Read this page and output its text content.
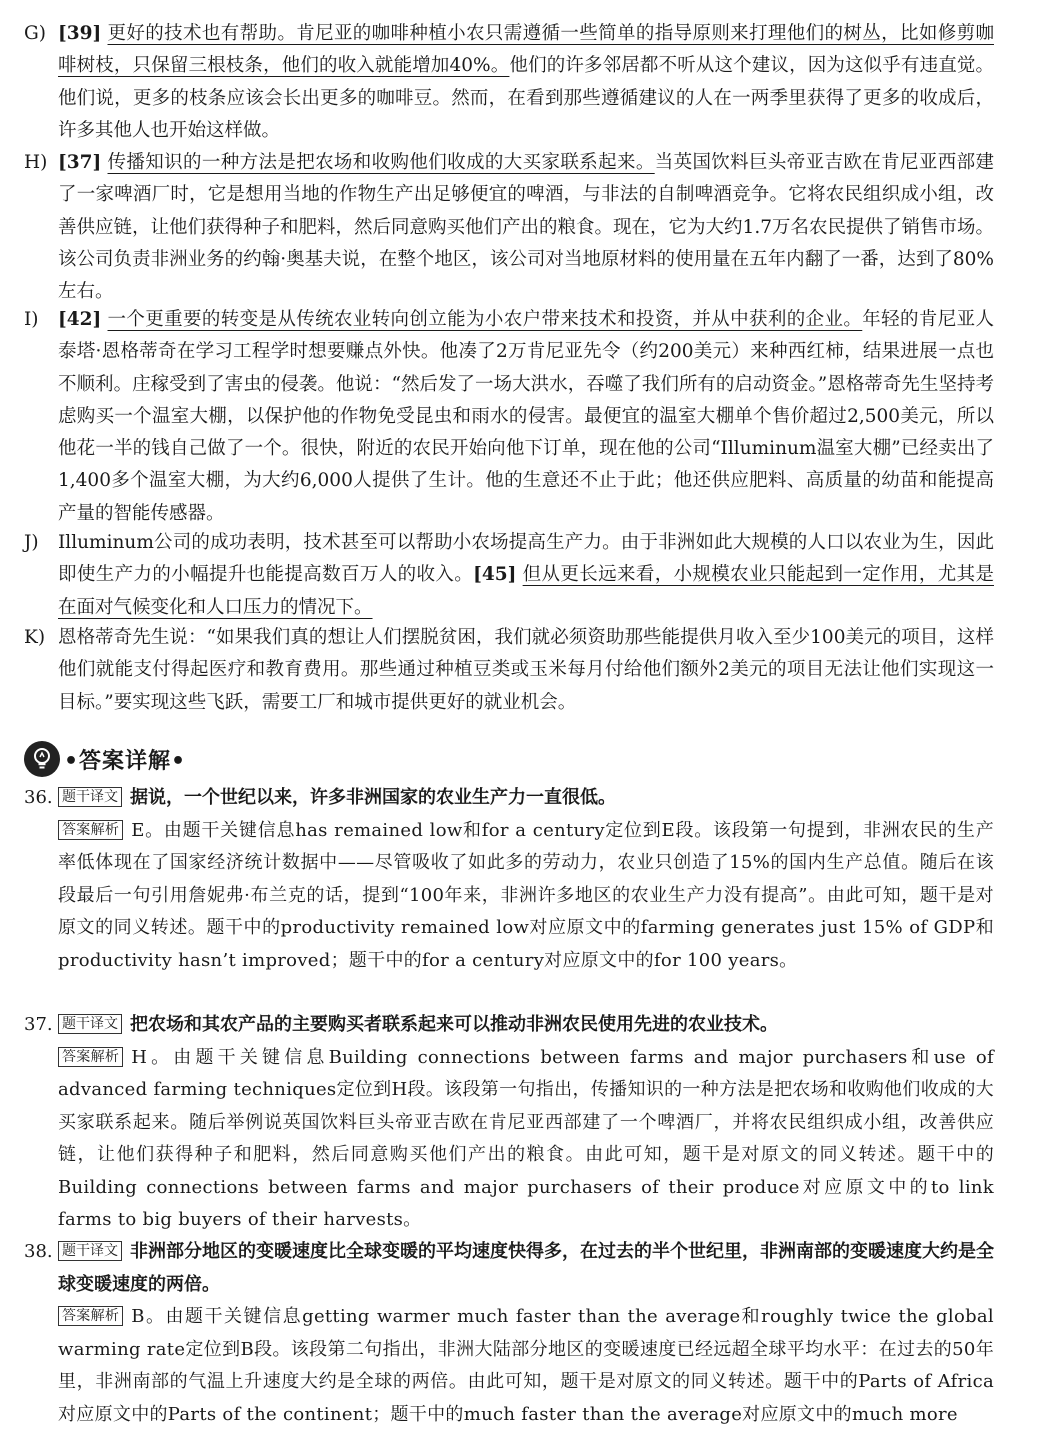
G) [39] 更好的技术也有帮助。肯尼亚的咖啡种植小农只需遵循一些简单的指导原则来打理他们的树丛，比如修剪咖啡树枝，只保留三根枝条，他们的收入就能增加40%。他们的许多邻居都不听从这个建议，因为这似乎有违直觉。他们说，更多的枝条应该会长出更多的咖啡豆。然而，在看到那些遵循建议的人在一两季里获得了更多的收成后，许多其他人也开始这样做。
H) [37] 传播知识的一种方法是把农场和收购他们收成的大买家联系起来。当英国饮料巨头帝亚吉欧在肯尼亚西部建了一家啤酒厂时，它是想用当地的作物生产出足够便宜的啤酒，与非法的自制啤酒竞争。它将农民组织成小组，改善供应链，让他们获得种子和肥料，然后同意购买他们产出的粮食。现在，它为大约1.7万名农民提供了销售市场。该公司负责非洲业务的约翰·奥基夫说，在整个地区，该公司对当地原材料的使用量在五年内翻了一番，达到了80%左右。
I)	[42] 一个更重要的转变是从传统农业转向创立能为小农户带来技术和投资，并从中获利的企业。年轻的肯尼亚人泰塔·恩格蒂奇在学习工程学时想要赚点外快。他凑了2万肯尼亚先令（约200美元）来种西红柿，结果进展一点也不顺利。庄稼受到了害虫的侵袭。他说：“然后发了一场大洪水，吞噬了我们所有的启动资金。”恩格蒂奇先生坚持考虑购买一个温室大棚，以保护他的作物免受昆虫和雨水的侵害。最便宜的温室大棚单个售价超过2,500美元，所以他花一半的钱自己做了一个。很快，附近的农民开始向他下订单，现在他的公司“Illuminum温室大棚”已经卖出了1,400多个温室大棚，为大约6,000人提供了生计。他的生意还不止于此；他还供应肥料、高质量的幼苗和能提高产量的智能传感器。
J)	Illuminum公司的成功表明，技术甚至可以帮助小农场提高生产力。由于非洲如此大规模的人口以农业为生，因此即使生产力的小幅提升也能提高数百万人的收入。[45] 但从更长远来看，小规模农业只能起到一定作用，尤其是在面对气候变化和人口压力的情况下。
K) 恩格蒂奇先生说：“如果我们真的想让人们摆脱贫困，我们就必须资助那些能提供月收入至少100美元的项目，这样他们就能支付得起医疗和教育费用。那些通过种植豆类或玉米每月付给他们额外2美元的项目无法让他们实现这一目标。”要实现这些飞跃，需要工厂和城市提供更好的就业机会。
•答案详解•
36. 题干译文 据说，一个世纪以来，许多非洲国家的农业生产力一直很低。
答案解析 E。由题干关键信息has remained low和for a century定位到E段。该段第一句提到，非洲农民的生产率低体现在了国家经济统计数据中——尽管吸收了如此多的劳动力，农业只创造了15%的国内生产总值。随后在该段最后一句引用詹妮弗·布兰克的话，提到“100年来，非洲许多地区的农业生产力没有提高”。由此可知，题干是对原文的同义转述。题干中的productivity remained low对应原文中的farming generates just 15% of GDP和productivity hasn’t improved；题干中的for a century对应原文中的for 100 years。
37. 题干译文 把农场和其农产品的主要购买者联系起来可以推动非洲农民使用先进的农业技术。
答案解析 H。由题干关键信息Building connections between farms and major purchasers和use of advanced farming techniques定位到H段。该段第一句指出，传播知识的一种方法是把农场和收购他们收成的大买家联系起来。随后举例说英国饮料巨头帝亚吉欧在肯尼亚西部建了一个啤酒厂，并将农民组织成小组，改善供应链，让他们获得种子和肥料，然后同意购买他们产出的粮食。由此可知，题干是对原文的同义转述。题干中的Building connections between farms and major purchasers of their produce对应原文中的to link farms to big buyers of their harvests。
38. 题干译文 非洲部分地区的变暖速度比全球变暖的平均速度快得多，在过去的半个世纪里，非洲南部的变暖速度大约是全球变暖速度的两倍。
答案解析 B。由题干关键信息getting warmer much faster than the average和roughly twice the global warming rate定位到B段。该段第二句指出，非洲大陆部分地区的变暖速度已经远超全球平均水平：在过去的50年里，非洲南部的气温上升速度大约是全球的两倍。由此可知，题干是对原文的同义转述。题干中的Parts of Africa对应原文中的Parts of the continent；题干中的much faster than the average对应原文中的much more
